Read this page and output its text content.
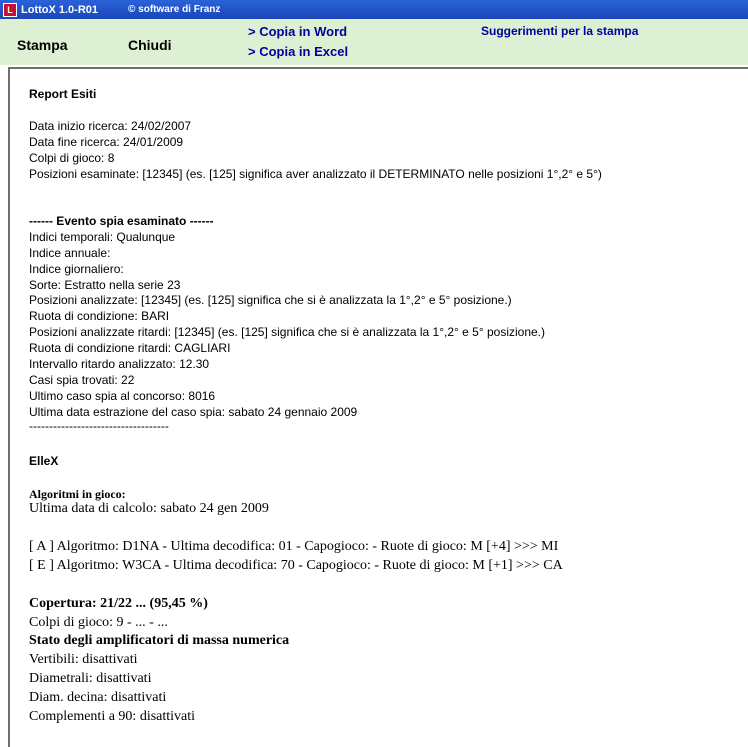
L LottoX 1.0-R01	© software di Franz
Stampa	Chiudi
> Copia in Word
> Copia in Excel
Suggerimenti per la stampa
Report Esiti
Data inizio ricerca: 24/02/2007
Data fine ricerca: 24/01/2009
Colpi di gioco: 8
Posizioni esaminate: [12345] (es. [125] significa aver analizzato il DETERMINATO nelle posizioni 1°,2° e 5°)
------ Evento spia esaminato ------
Indici temporali: Qualunque
Indice annuale:
Indice giornaliero:
Sorte: Estratto nella serie 23
Posizioni analizzate: [12345] (es. [125] significa che si è analizzata la 1°,2° e 5° posizione.)
Ruota di condizione: BARI
Posizioni analizzate ritardi: [12345] (es. [125] significa che si è analizzata la 1°,2° e 5° posizione.)
Ruota di condizione ritardi: CAGLIARI
Intervallo ritardo analizzato: 12.30
Casi spia trovati: 22
Ultimo caso spia al concorso: 8016
Ultima data estrazione del caso spia: sabato 24 gennaio 2009
-----------------------------------
ElleX
Algoritmi in gioco:
Ultima data di calcolo: sabato 24 gen 2009
[ A ] Algoritmo: D1NA - Ultima decodifica: 01 - Capogioco: - Ruote di gioco: M [+4] >>> MI
[ E ] Algoritmo: W3CA - Ultima decodifica: 70 - Capogioco: - Ruote di gioco: M [+1] >>> CA
Copertura: 21/22 ... (95,45 %)
Colpi di gioco: 9 - ... - ...
Stato degli amplificatori di massa numerica
Vertibili: disattivati
Diametrali: disattivati
Diam. decina: disattivati
Complementi a 90: disattivati
